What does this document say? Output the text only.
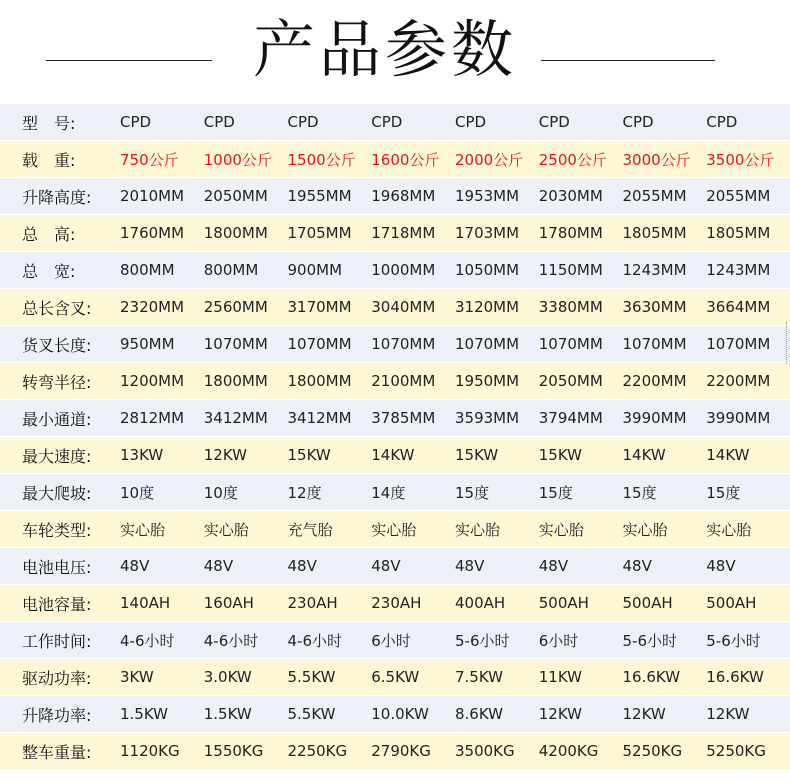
产品参数
型　号:	CPD	CPD	CPD	CPD	CPD	CPD	CPD	CPD
载　重:	750公斤	1000公斤	1500公斤	1600公斤	2000公斤	2500公斤	3000公斤	3500公斤
升降高度:	2010MM	2050MM	1955MM	1968MM	1953MM	2030MM	2055MM	2055MM
总　高:	1760MM	1800MM	1705MM	1718MM	1703MM	1780MM	1805MM	1805MM
总　宽:	800MM	800MM	900MM	1000MM	1050MM	1150MM	1243MM	1243MM
总长含叉:	2320MM	2560MM	3170MM	3040MM	3120MM	3380MM	3630MM	3664MM
货叉长度:	950MM	1070MM	1070MM	1070MM	1070MM	1070MM	1070MM	1070MM
转弯半径:	1200MM	1800MM	1800MM	2100MM	1950MM	2050MM	2200MM	2200MM
最小通道:	2812MM	3412MM	3412MM	3785MM	3593MM	3794MM	3990MM	3990MM
最大速度:	13KW	12KW	15KW	14KW	15KW	15KW	14KW	14KW
最大爬坡:	10度	10度	12度	14度	15度	15度	15度	15度
车轮类型:	实心胎	实心胎	充气胎	实心胎	实心胎	实心胎	实心胎	实心胎
电池电压:	48V	48V	48V	48V	48V	48V	48V	48V
电池容量:	140AH	160AH	230AH	230AH	400AH	500AH	500AH	500AH
工作时间:	4-6小时	4-6小时	4-6小时	6小时	5-6小时	6小时	5-6小时	5-6小时
驱动功率:	3KW	3.0KW	5.5KW	6.5KW	7.5KW	11KW	16.6KW	16.6KW
升降功率:	1.5KW	1.5KW	5.5KW	10.0KW	8.6KW	12KW	12KW	12KW
整车重量:	1120KG	1550KG	2250KG	2790KG	3500KG	4200KG	5250KG	5250KG
